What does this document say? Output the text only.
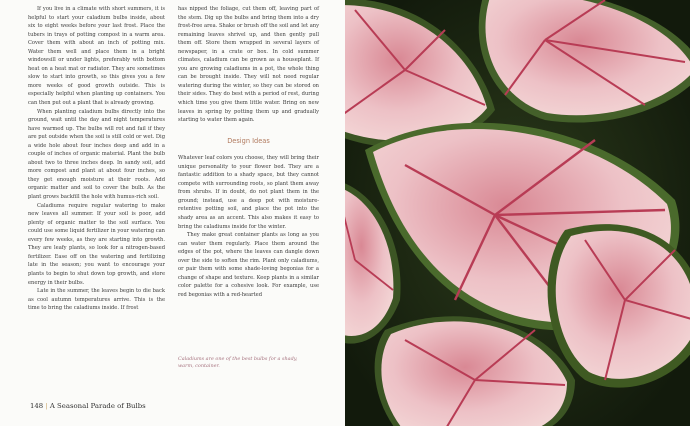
If you live in a climate with short summers, it is helpful to start your caladium bulbs inside, about six to eight weeks before your last frost. Place the tubers in trays of potting compost in a warm area. Cover them with about an inch of potting mix. Water them well and place them in a bright windowsill or under lights, preferably with bottom heat on a heat mat or radiator. They are sometimes slow to start into growth, so this gives you a few more weeks of good growth outside. This is especially helpful when planting up containers. You can then put out a plant that is already growing.

When planting caladium bulbs directly into the ground, wait until the day and night temperatures have warmed up. The bulbs will rot and fail if they are put outside when the soil is still cold or wet. Dig a wide hole about four inches deep and add in a couple of inches of organic material. Plant the bulb about two to three inches deep. In sandy soil, add more compost and plant at about four inches, so they get enough moisture at their roots. Add organic matter and soil to cover the bulb. As the plant grows backfill the hole with humus-rich soil.

Caladiums require regular watering to make new leaves all summer. If your soil is poor, add plenty of organic matter to the soil surface. You could use some liquid fertilizer in your watering can every few weeks, as they are starting into growth. They are leafy plants, so look for a nitrogen-based fertilizer. Ease off on the watering and fertilizing late in the season; you want to encourage your plants to begin to shut down top growth, and store energy in their bulbs.

Late in the summer, the leaves begin to die back as cool autumn temperatures arrive. This is the time to bring the caladiums inside. If frost

has nipped the foliage, cut them off, leaving part of the stem. Dig up the bulbs and bring them into a dry frost-free area. Shake or brush off the soil and let any remaining leaves shrivel up, and then gently pull them off. Store them wrapped in several layers of newspaper, in a crate or box. In cold summer climates, caladium can be grown as a houseplant. If you are growing caladiums in a pot, the whole thing can be brought inside. They will not need regular watering during the winter, so they can be stored on their sides. They do best with a period of rest, during which time you give them little water. Bring on new leaves in spring by potting them up and gradually starting to water them again.

Design Ideas

Whatever leaf colors you choose, they will bring their unique personality to your flower bed. They are a fantastic addition to a shady space, but they cannot compete with surrounding roots, so plant them away from shrubs. If in doubt, do not plant them in the ground; instead, use a deep pot with moisture-retentive potting soil, and place the pot into the shady area as an accent. This also makes it easy to bring the caladiums inside for the winter.

They make great container plants as long as you can water them regularly. Place them around the edges of the pot, where the leaves can dangle down over the side to soften the rim. Plant only caladiums, or pair them with some shade-loving begonias for a change of shape and texture. Keep plants in a similar color palette for a cohesive look. For example, use red begonias with a red-hearted

Caladiums are one of the best bulbs for a shady, warm, container.
148 | A Seasonal Parade of Bulbs
